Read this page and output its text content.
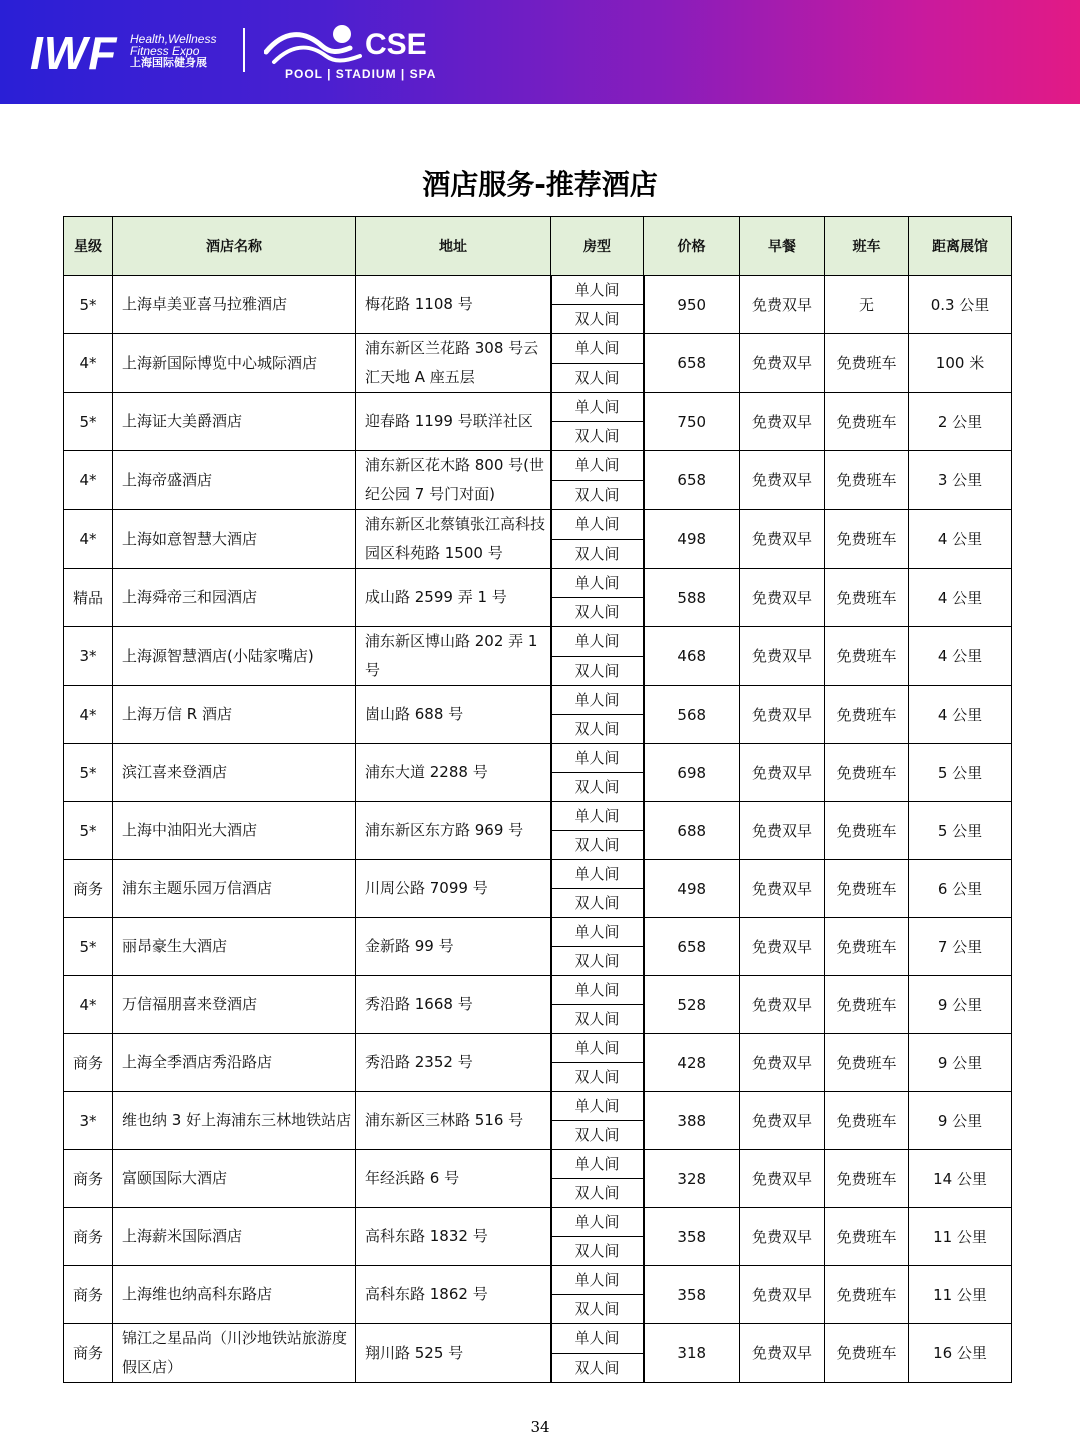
IWF Health,Wellness
Fitness Expo
上海国际健身展
CSE
POOL | STADIUM | SPA
酒店服务-推荐酒店
星级	酒店名称	地址	房型	价格	早餐	班车	距离展馆
5*	上海卓美亚喜马拉雅酒店	梅花路 1108 号	单人间	950	免费双早	无	0.3 公里
			双人间				
4*	上海新国际博览中心城际酒店	浦东新区兰花路 308 号云汇天地 A 座五层	单人间	658	免费双早	免费班车	100 米
			双人间				
5*	上海证大美爵酒店	迎春路 1199 号联洋社区	单人间	750	免费双早	免费班车	2 公里
			双人间				
4*	上海帝盛酒店	浦东新区花木路 800 号(世纪公园 7 号门对面)	单人间	658	免费双早	免费班车	3 公里
			双人间				
4*	上海如意智慧大酒店	浦东新区北蔡镇张江高科技园区科苑路 1500 号	单人间	498	免费双早	免费班车	4 公里
			双人间				
精品	上海舜帝三和园酒店	成山路 2599 弄 1 号	单人间	588	免费双早	免费班车	4 公里
			双人间				
3*	上海源智慧酒店(小陆家嘴店)	浦东新区博山路 202 弄 1 号	单人间	468	免费双早	免费班车	4 公里
			双人间				
4*	上海万信 R 酒店	崮山路 688 号	单人间	568	免费双早	免费班车	4 公里
			双人间				
5*	滨江喜来登酒店	浦东大道 2288 号	单人间	698	免费双早	免费班车	5 公里
			双人间				
5*	上海中油阳光大酒店	浦东新区东方路 969 号	单人间	688	免费双早	免费班车	5 公里
			双人间				
商务	浦东主题乐园万信酒店	川周公路 7099 号	单人间	498	免费双早	免费班车	6 公里
			双人间				
5*	丽昂豪生大酒店	金新路 99 号	单人间	658	免费双早	免费班车	7 公里
			双人间				
4*	万信福朋喜来登酒店	秀沿路 1668 号	单人间	528	免费双早	免费班车	9 公里
			双人间				
商务	上海全季酒店秀沿路店	秀沿路 2352 号	单人间	428	免费双早	免费班车	9 公里
			双人间				
3*	维也纳 3 好上海浦东三林地铁站店	浦东新区三林路 516 号	单人间	388	免费双早	免费班车	9 公里
			双人间				
商务	富颐国际大酒店	年经浜路 6 号	单人间	328	免费双早	免费班车	14 公里
			双人间				
商务	上海薪米国际酒店	高科东路 1832 号	单人间	358	免费双早	免费班车	11 公里
			双人间				
商务	上海维也纳高科东路店	高科东路 1862 号	单人间	358	免费双早	免费班车	11 公里
			双人间				
商务	锦江之星品尚（川沙地铁站旅游度假区店）	翔川路 525 号	单人间	318	免费双早	免费班车	16 公里
			双人间				
34
